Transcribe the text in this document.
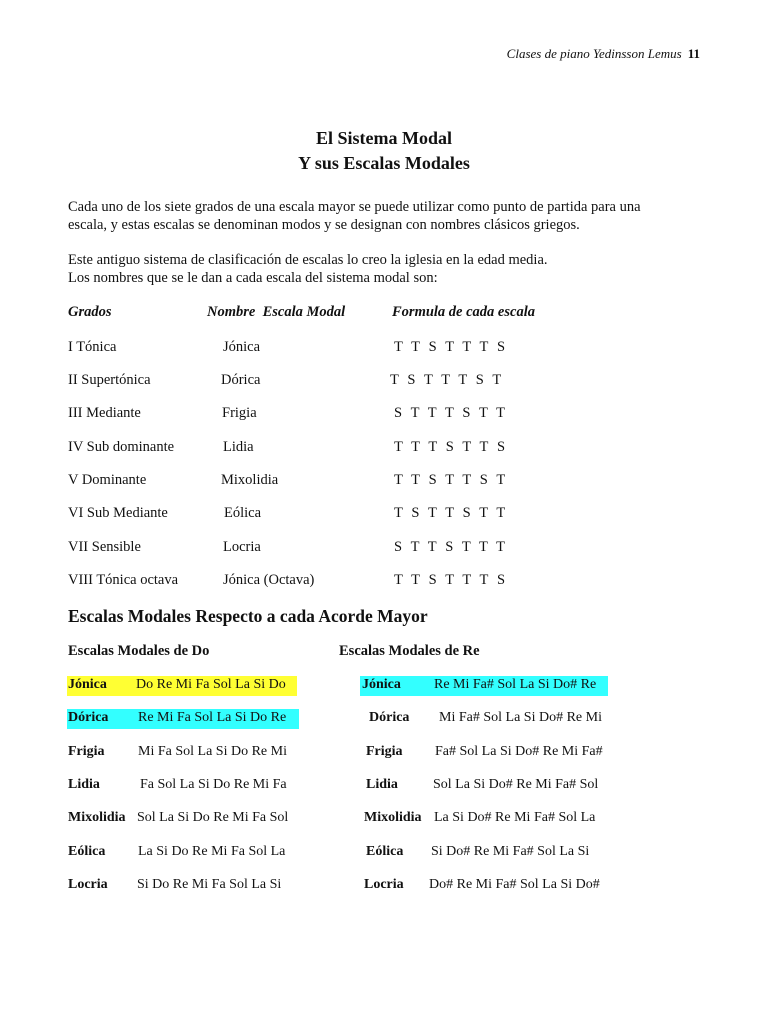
Clases de piano Yedinsson Lemus 11
El Sistema Modal
Y sus Escalas Modales
Cada uno de los siete grados de una escala mayor se puede utilizar como punto de partida para una
escala, y estas escalas se denominan modos y se designan con nombres clásicos griegos.
Este antiguo sistema de clasificación de escalas lo creo la iglesia en la edad media.
Los nombres que se le dan a cada escala del sistema modal son:
Grados	Nombre  Escala Modal	Formula de cada escala
I Tónica	Jónica	T T S T T T S
II Supertónica	Dórica	T S T T T S T
III Mediante	Frigia	S T T T S T T
IV Sub dominante	Lidia	T T T S T T S
V Dominante	Mixolidia	T T S T T S T
VI Sub Mediante	Eólica	T S T T S T T
VII Sensible	Locria	S T T S T T T
VIII Tónica octava	Jónica (Octava)	T T S T T T S
Escalas Modales Respecto a cada Acorde Mayor
Escalas Modales de Do	Escalas Modales de Re
Jónica Do Re Mi Fa Sol La Si Do
Dórica Re Mi Fa Sol La Si Do Re
Frigia Mi Fa Sol La Si Do Re Mi
Lidia	Fa Sol La Si Do Re Mi Fa
Mixolidia Sol La Si Do Re Mi Fa Sol
Eólica La Si Do Re Mi Fa Sol La
Locria Si Do Re Mi Fa Sol La Si
Jónica Re Mi Fa# Sol La Si Do# Re
Dórica Mi Fa# Sol La Si Do# Re Mi
Frigia Fa# Sol La Si Do# Re Mi Fa#
Lidia	Sol La Si Do# Re Mi Fa# Sol
Mixolidia La Si Do# Re Mi Fa# Sol La
Eólica Si Do# Re Mi Fa# Sol La Si
Locria Do# Re Mi Fa# Sol La Si Do#
